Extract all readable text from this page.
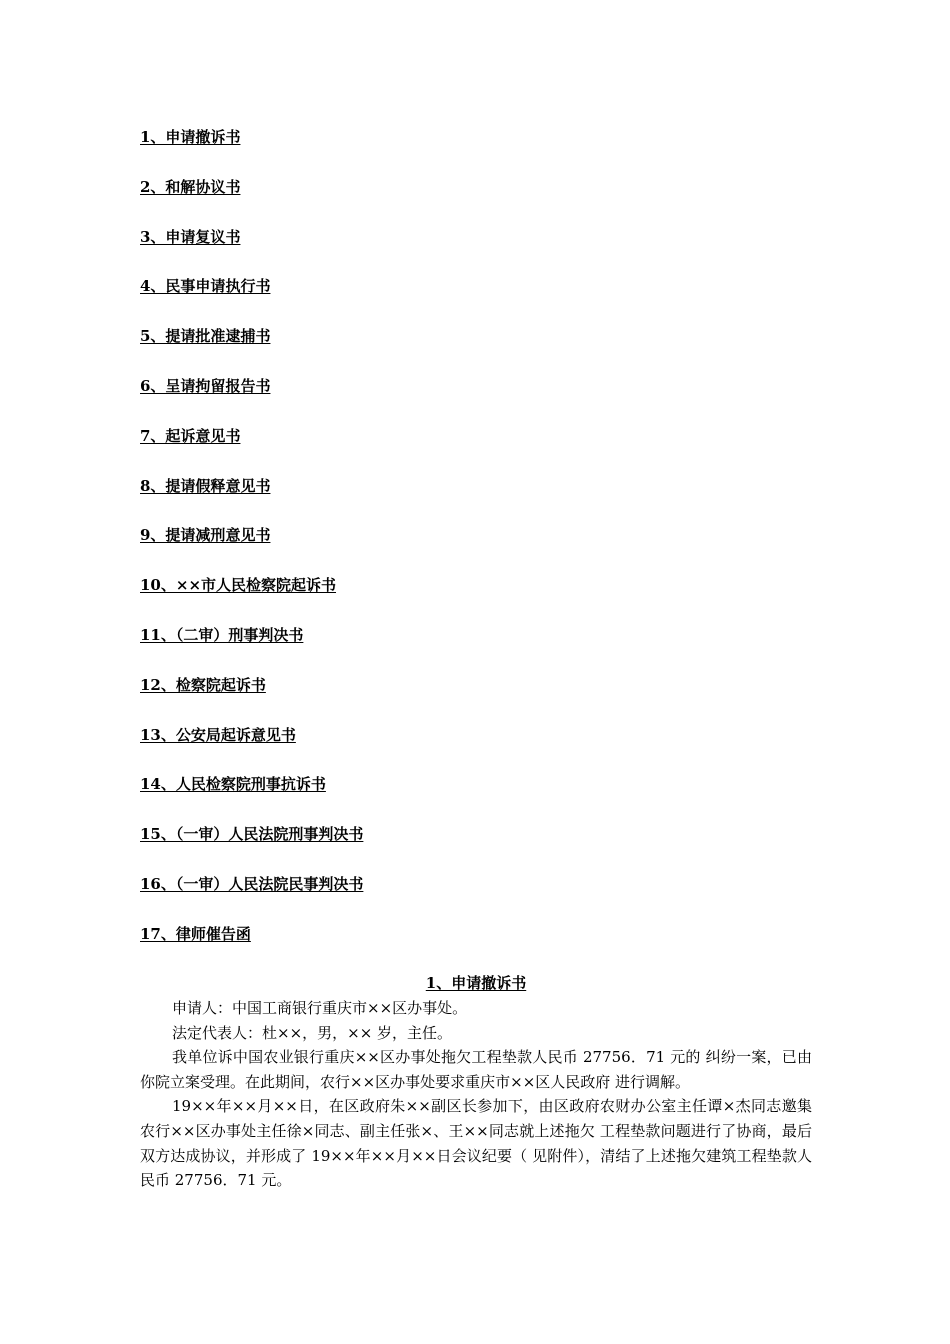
1、申请撤诉书
2、和解协议书
3、申请复议书
4、民事申请执行书
5、提请批准逮捕书
6、呈请拘留报告书
7、起诉意见书
8、提请假释意见书
9、提请减刑意见书
10、××市人民检察院起诉书
11、（二审）刑事判决书
12、检察院起诉书
13、公安局起诉意见书
14、人民检察院刑事抗诉书
15、（一审）人民法院刑事判决书
16、（一审）人民法院民事判决书
17、律师催告函
1、申请撤诉书

申请人：中国工商银行重庆市××区办事处。

法定代表人：杜××，男，×× 岁，主任。

我单位诉中国农业银行重庆××区办事处拖欠工程垫款人民币 27756．71 元的 纠纷一案，已由你院立案受理。在此期间，农行××区办事处要求重庆市××区人民政府 进行调解。

19××年××月××日，在区政府朱××副区长参加下，由区政府农财办公室主任谭×杰同志邀集农行××区办事处主任徐×同志、副主任张×、王××同志就上述拖欠 工程垫款问题进行了协商，最后双方达成协议，并形成了 19××年××月××日会议纪要（ 见附件），清结了上述拖欠建筑工程垫款人民币 27756．71 元。
